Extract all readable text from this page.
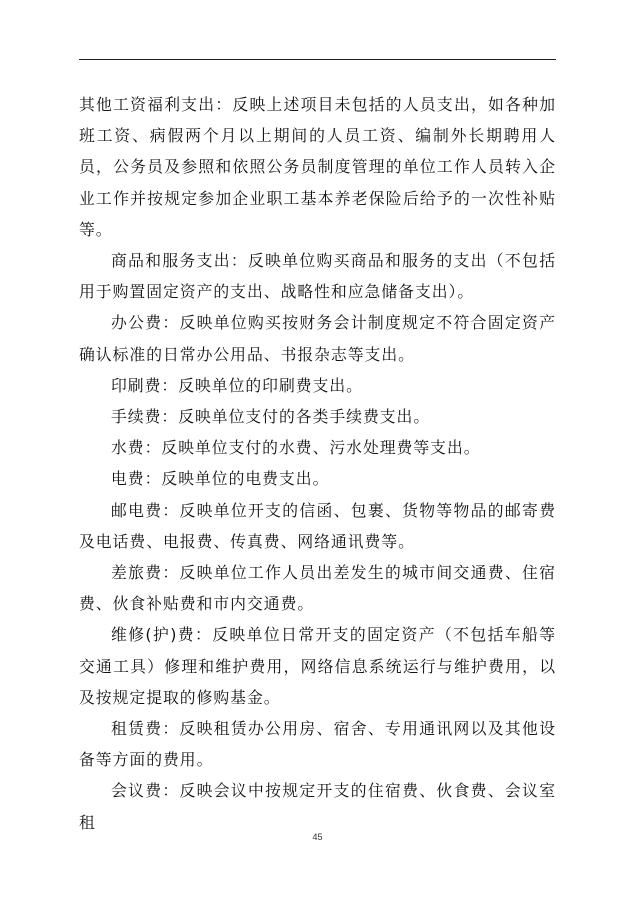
其他工资福利支出：反映上述项目未包括的人员支出，如各种加班工资、病假两个月以上期间的人员工资、编制外长期聘用人员，公务员及参照和依照公务员制度管理的单位工作人员转入企业工作并按规定参加企业职工基本养老保险后给予的一次性补贴等。

商品和服务支出：反映单位购买商品和服务的支出（不包括用于购置固定资产的支出、战略性和应急储备支出）。

办公费：反映单位购买按财务会计制度规定不符合固定资产确认标准的日常办公用品、书报杂志等支出。

印刷费：反映单位的印刷费支出。

手续费：反映单位支付的各类手续费支出。

水费：反映单位支付的水费、污水处理费等支出。

电费：反映单位的电费支出。

邮电费：反映单位开支的信函、包裹、货物等物品的邮寄费及电话费、电报费、传真费、网络通讯费等。

差旅费：反映单位工作人员出差发生的城市间交通费、住宿费、伙食补贴费和市内交通费。

维修(护)费：反映单位日常开支的固定资产（不包括车船等交通工具）修理和维护费用，网络信息系统运行与维护费用，以及按规定提取的修购基金。

租赁费：反映租赁办公用房、宿舍、专用通讯网以及其他设备等方面的费用。

会议费：反映会议中按规定开支的住宿费、伙食费、会议室租

45
